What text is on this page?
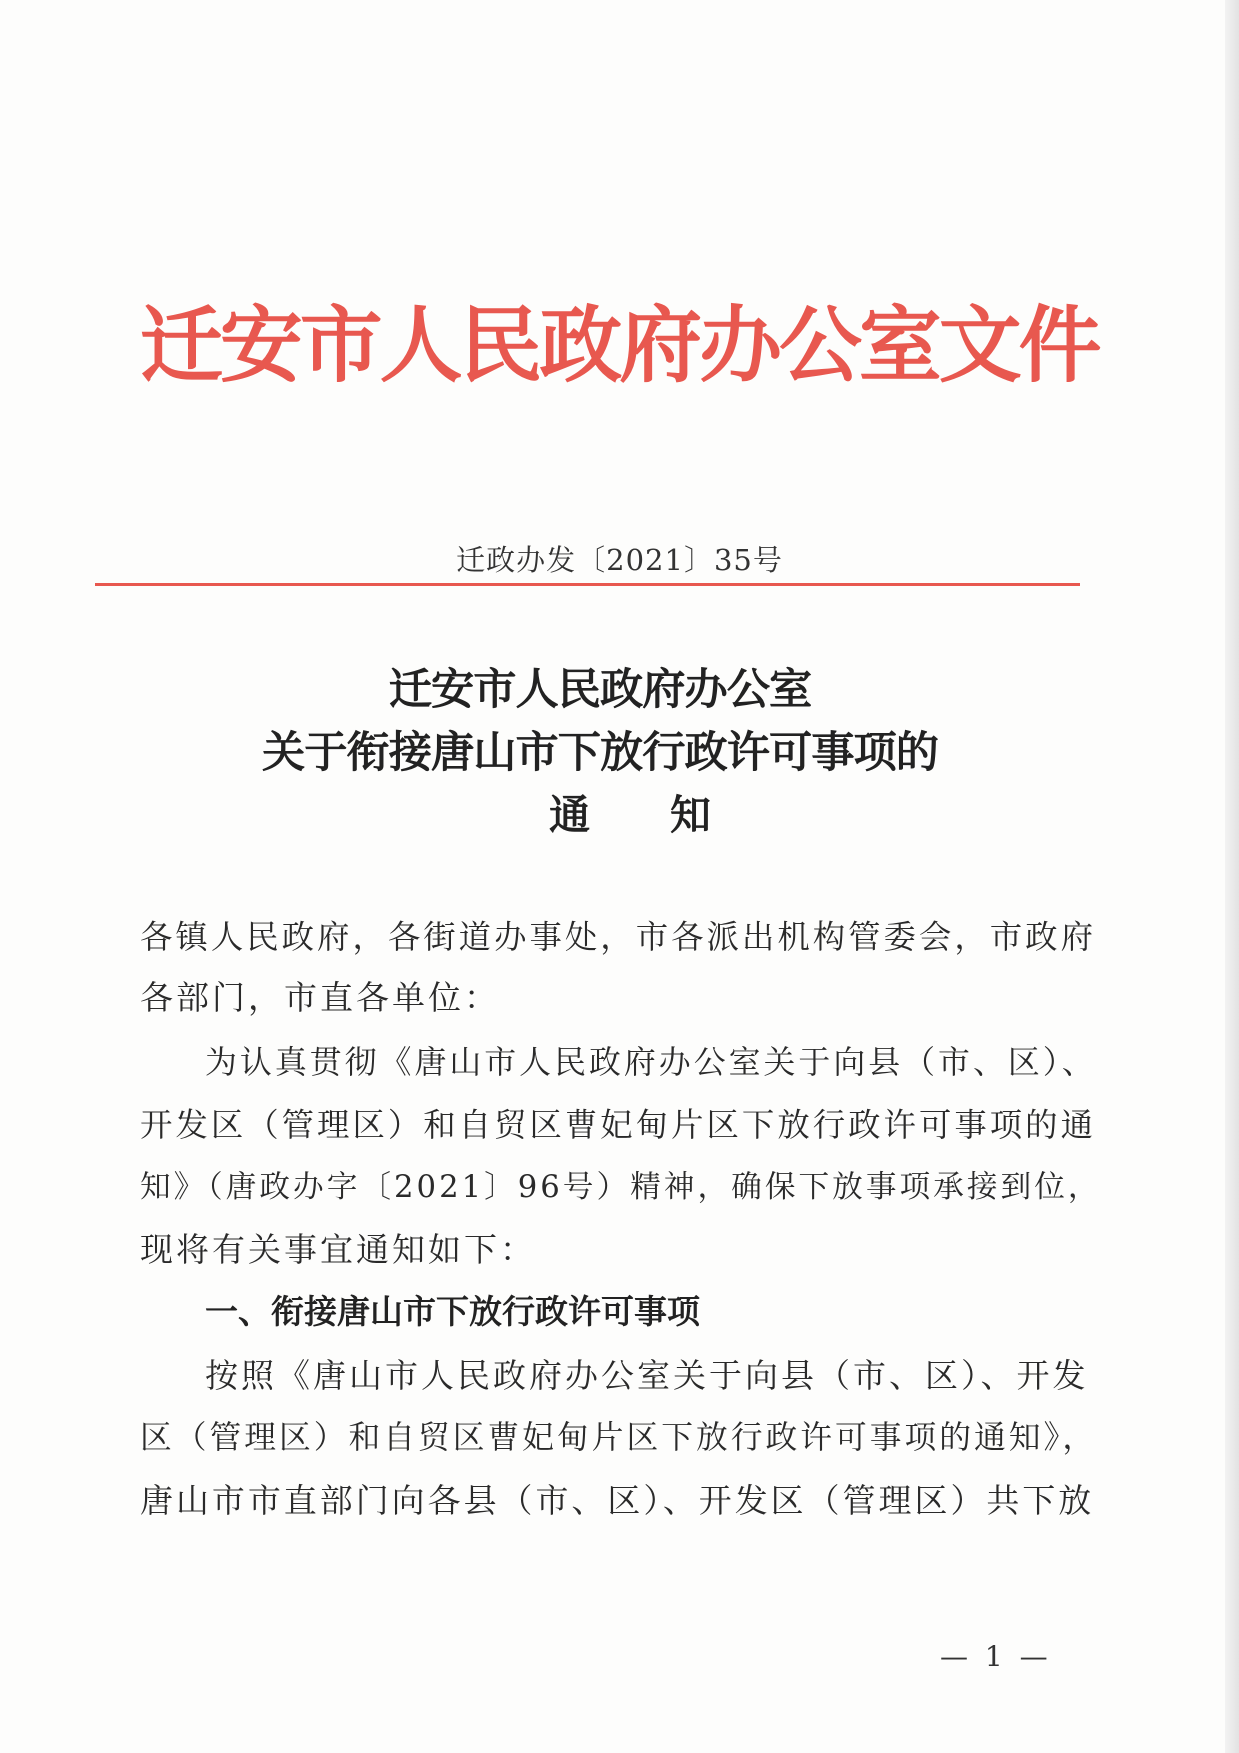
迁安市人民政府办公室文件
迁政办发〔2021〕35号
迁安市人民政府办公室
关于衔接唐山市下放行政许可事项的
通知
各镇人民政府，各街道办事处，市各派出机构管委会，市政府
各部门，市直各单位：
为认真贯彻《唐山市人民政府办公室关于向县（市、区）、
开发区（管理区）和自贸区曹妃甸片区下放行政许可事项的通
知》（唐政办字〔2021〕96号）精神，确保下放事项承接到位，
现将有关事宜通知如下：
一、衔接唐山市下放行政许可事项
按照《唐山市人民政府办公室关于向县（市、区）、开发
区（管理区）和自贸区曹妃甸片区下放行政许可事项的通知》，
唐山市市直部门向各县（市、区）、开发区（管理区）共下放
— 1 —
